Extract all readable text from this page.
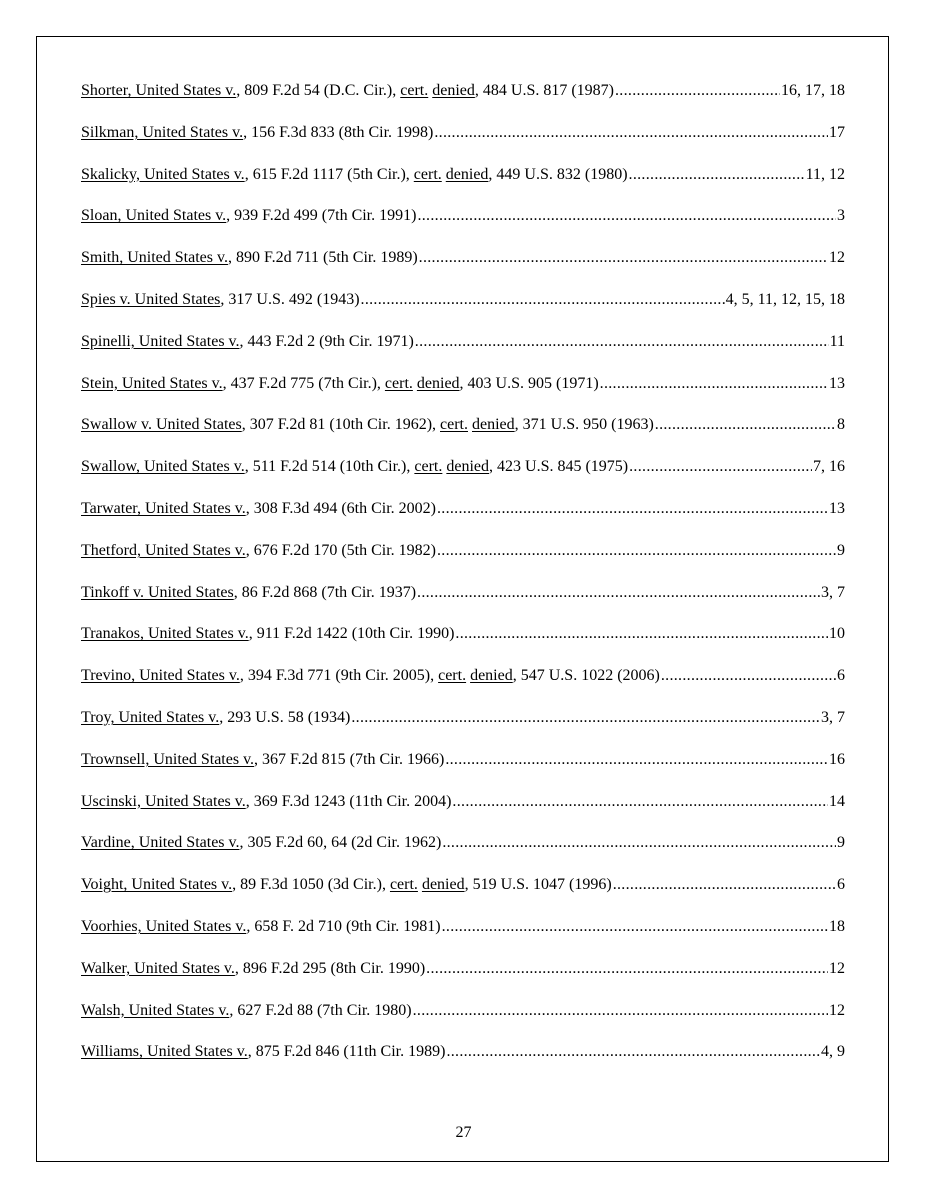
Shorter, United States v., 809 F.2d 54 (D.C. Cir.), cert. denied, 484 U.S. 817 (1987) .....	16, 17, 18
Silkman, United States v., 156 F.3d 833 (8th Cir. 1998) .....	17
Skalicky, United States v., 615 F.2d 1117 (5th Cir.), cert. denied, 449 U.S. 832 (1980) .....	11, 12
Sloan, United States v., 939 F.2d 499 (7th Cir. 1991) .....	3
Smith, United States v., 890 F.2d 711 (5th Cir. 1989) .....	12
Spies v. United States, 317 U.S. 492 (1943) .....	4, 5, 11, 12, 15, 18
Spinelli, United States v., 443 F.2d 2 (9th Cir. 1971) .....	11
Stein, United States v., 437 F.2d 775 (7th Cir.), cert. denied, 403 U.S. 905 (1971) .....	13
Swallow v. United States, 307 F.2d 81 (10th Cir. 1962), cert. denied, 371 U.S. 950 (1963) .....	8
Swallow, United States v., 511 F.2d 514 (10th Cir.), cert. denied, 423 U.S. 845 (1975) .....	7, 16
Tarwater, United States v., 308 F.3d 494 (6th Cir. 2002) .....	13
Thetford, United States v., 676 F.2d 170 (5th Cir. 1982) .....	9
Tinkoff v. United States, 86 F.2d 868 (7th Cir. 1937) .....	3, 7
Tranakos, United States v., 911 F.2d 1422 (10th Cir. 1990) .....	10
Trevino, United States v., 394 F.3d 771 (9th Cir. 2005), cert. denied, 547 U.S. 1022 (2006) .....	6
Troy, United States v., 293 U.S. 58 (1934) .....	3, 7
Trownsell, United States v., 367 F.2d 815 (7th Cir. 1966) .....	16
Uscinski, United States v., 369 F.3d 1243 (11th Cir. 2004) .....	14
Vardine, United States v., 305 F.2d 60, 64 (2d Cir. 1962) .....	9
Voight, United States v., 89 F.3d 1050 (3d Cir.), cert. denied, 519 U.S. 1047 (1996) .....	6
Voorhies, United States v., 658 F. 2d 710 (9th Cir. 1981) .....	18
Walker, United States v., 896 F.2d 295 (8th Cir. 1990) .....	12
Walsh, United States v., 627 F.2d 88 (7th Cir. 1980) .....	12
Williams, United States v., 875 F.2d 846 (11th Cir. 1989) .....	4, 9
27
